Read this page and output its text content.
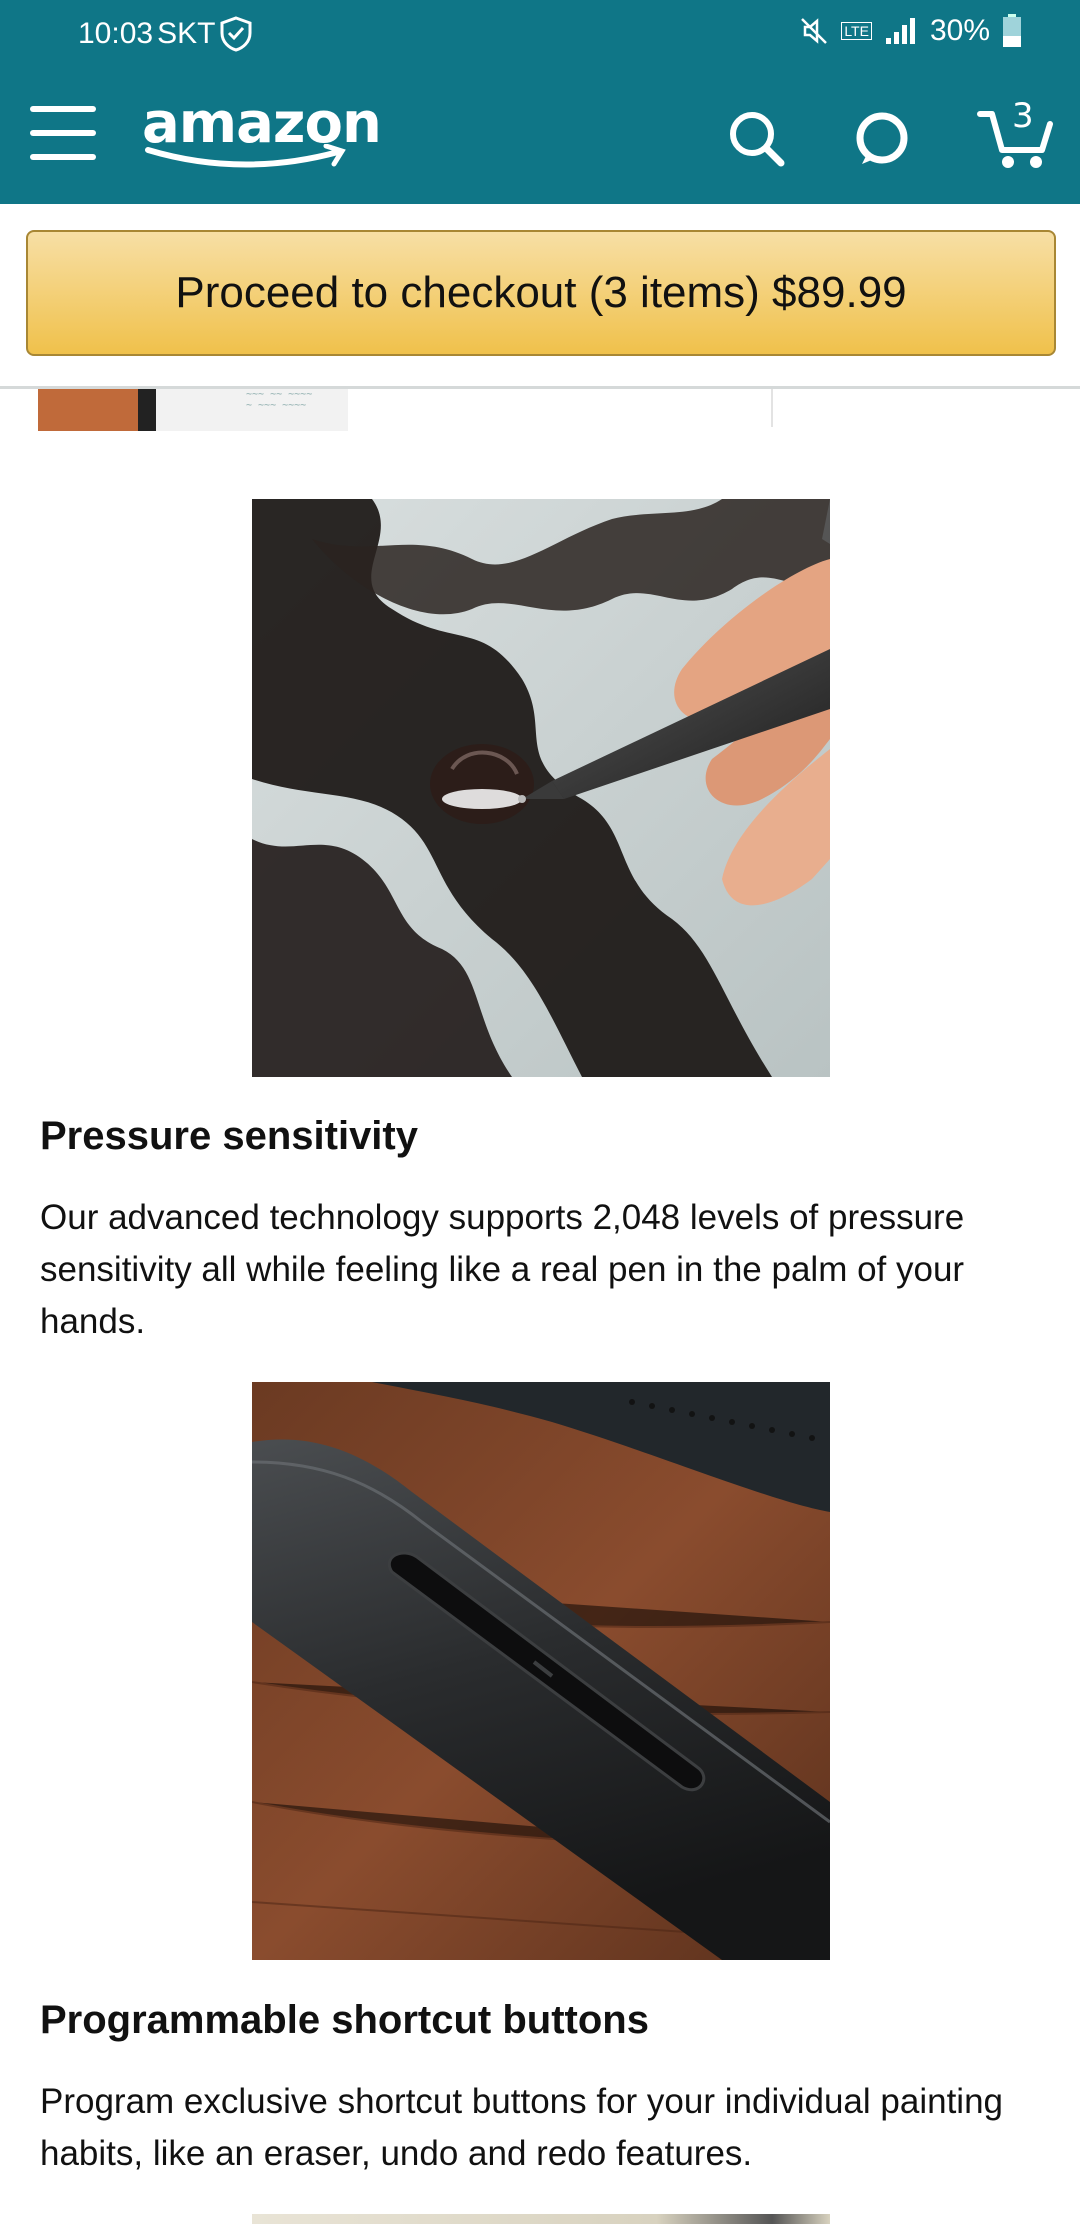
10:03 SKT	LTE 30%
amazon	3
Proceed to checkout (3 items) $89.99
~~~ ~~ ~~~~
~ ~~~ ~~~~
Pressure sensitivity
Our advanced technology supports 2,048 levels of pressure sensitivity all while feeling like a real pen in the palm of your hands.
Programmable shortcut buttons
Program exclusive shortcut buttons for your individual painting habits, like an eraser, undo and redo features.
